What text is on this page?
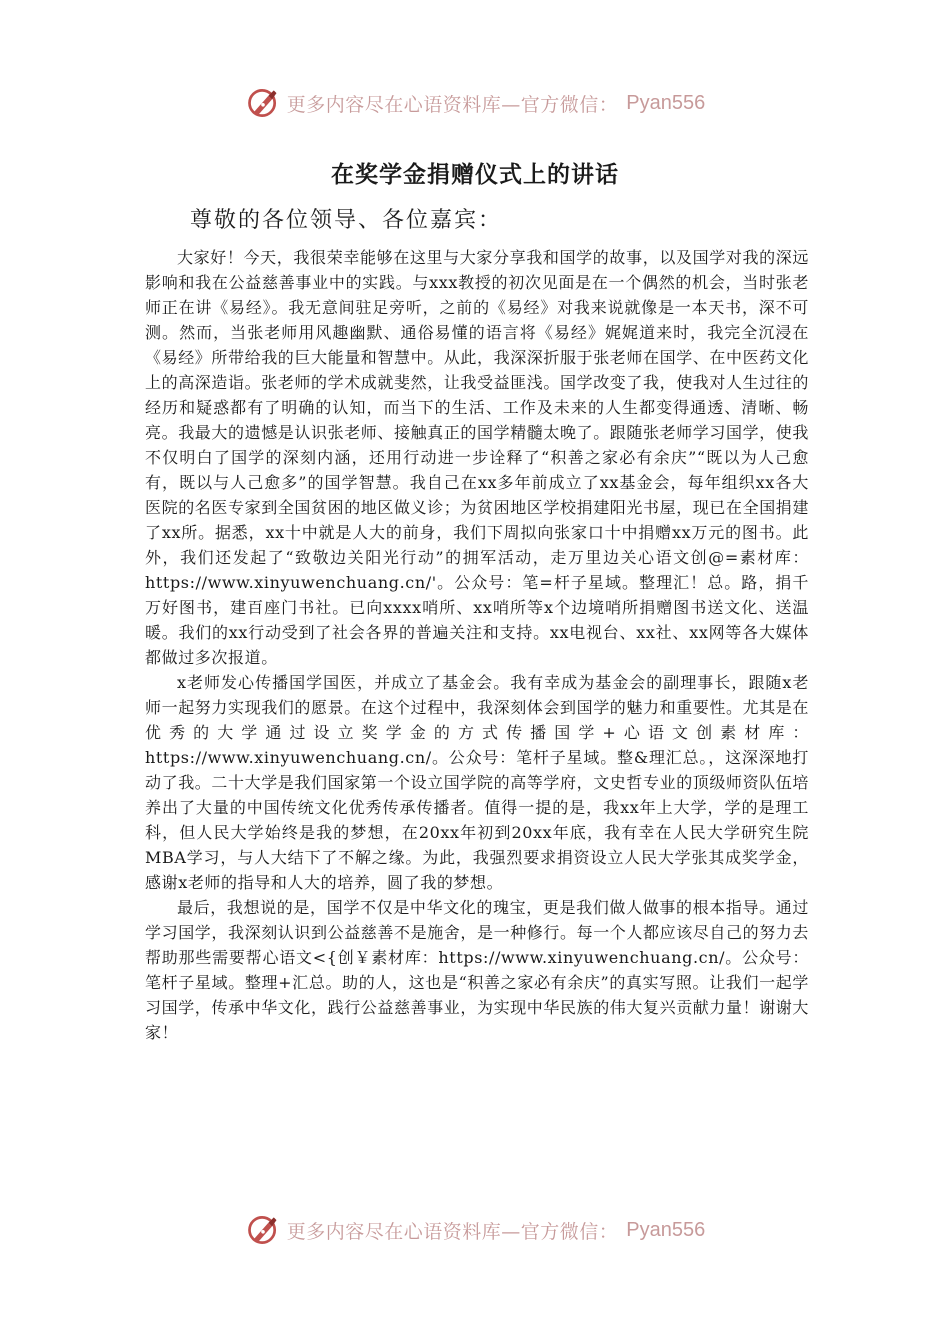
更多内容尽在心语资料库—官方微信： Pyan556
在奖学金捐赠仪式上的讲话

尊敬的各位领导、各位嘉宾：

大家好！今天，我很荣幸能够在这里与大家分享我和国学的故事，以及国学对我的深远影响和我在公益慈善事业中的实践。与xxx教授的初次见面是在一个偶然的机会，当时张老师正在讲《易经》。我无意间驻足旁听，之前的《易经》对我来说就像是一本天书，深不可测。然而，当张老师用风趣幽默、通俗易懂的语言将《易经》娓娓道来时，我完全沉浸在《易经》所带给我的巨大能量和智慧中。从此，我深深折服于张老师在国学、在中医药文化上的高深造诣。张老师的学术成就斐然，让我受益匪浅。国学改变了我，使我对人生过往的经历和疑惑都有了明确的认知，而当下的生活、工作及未来的人生都变得通透、清晰、畅亮。我最大的遗憾是认识张老师、接触真正的国学精髓太晚了。跟随张老师学习国学，使我不仅明白了国学的深刻内涵，还用行动进一步诠释了“积善之家必有余庆”“既以为人己愈有，既以与人己愈多”的国学智慧。我自己在xx多年前成立了xx基金会，每年组织xx各大医院的名医专家到全国贫困的地区做义诊；为贫困地区学校捐建阳光书屋，现已在全国捐建了xx所。据悉，xx十中就是人大的前身，我们下周拟向张家口十中捐赠xx万元的图书。此外，我们还发起了“致敬边关阳光行动”的拥军活动，走万里边关心语文创@=素材库：https://www.xinyuwenchuang.cn/'。公众号：笔=杆子星域。整理汇！总。路，捐千万好图书，建百座门书社。已向xxxx哨所、xx哨所等x个边境哨所捐赠图书送文化、送温暖。我们的xx行动受到了社会各界的普遍关注和支持。xx电视台、xx社、xx网等各大媒体都做过多次报道。

x老师发心传播国学国医，并成立了基金会。我有幸成为基金会的副理事长，跟随x老师一起努力实现我们的愿景。在这个过程中，我深刻体会到国学的魅力和重要性。尤其是在优秀的大学通过设立奖学金的方式传播国学+心语文创素材库：https://www.xinyuwenchuang.cn/。公众号：笔杆子星域。整&理汇总。，这深深地打动了我。二十大学是我们国家第一个设立国学院的高等学府，文史哲专业的顶级师资队伍培养出了大量的中国传统文化优秀传承传播者。值得一提的是，我xx年上大学，学的是理工科，但人民大学始终是我的梦想，在20xx年初到20xx年底，我有幸在人民大学研究生院MBA学习，与人大结下了不解之缘。为此，我强烈要求捐资设立人民大学张其成奖学金，感谢x老师的指导和人大的培养，圆了我的梦想。

最后，我想说的是，国学不仅是中华文化的瑰宝，更是我们做人做事的根本指导。通过学习国学，我深刻认识到公益慈善不是施舍，是一种修行。每一个人都应该尽自己的努力去帮助那些需要帮心语文<{创￥素材库：https://www.xinyuwenchuang.cn/。公众号：笔杆子星域。整理+汇总。助的人，这也是“积善之家必有余庆”的真实写照。让我们一起学习国学，传承中华文化，践行公益慈善事业，为实现中华民族的伟大复兴贡献力量！谢谢大家！

更多内容尽在心语资料库—官方微信： Pyan556
